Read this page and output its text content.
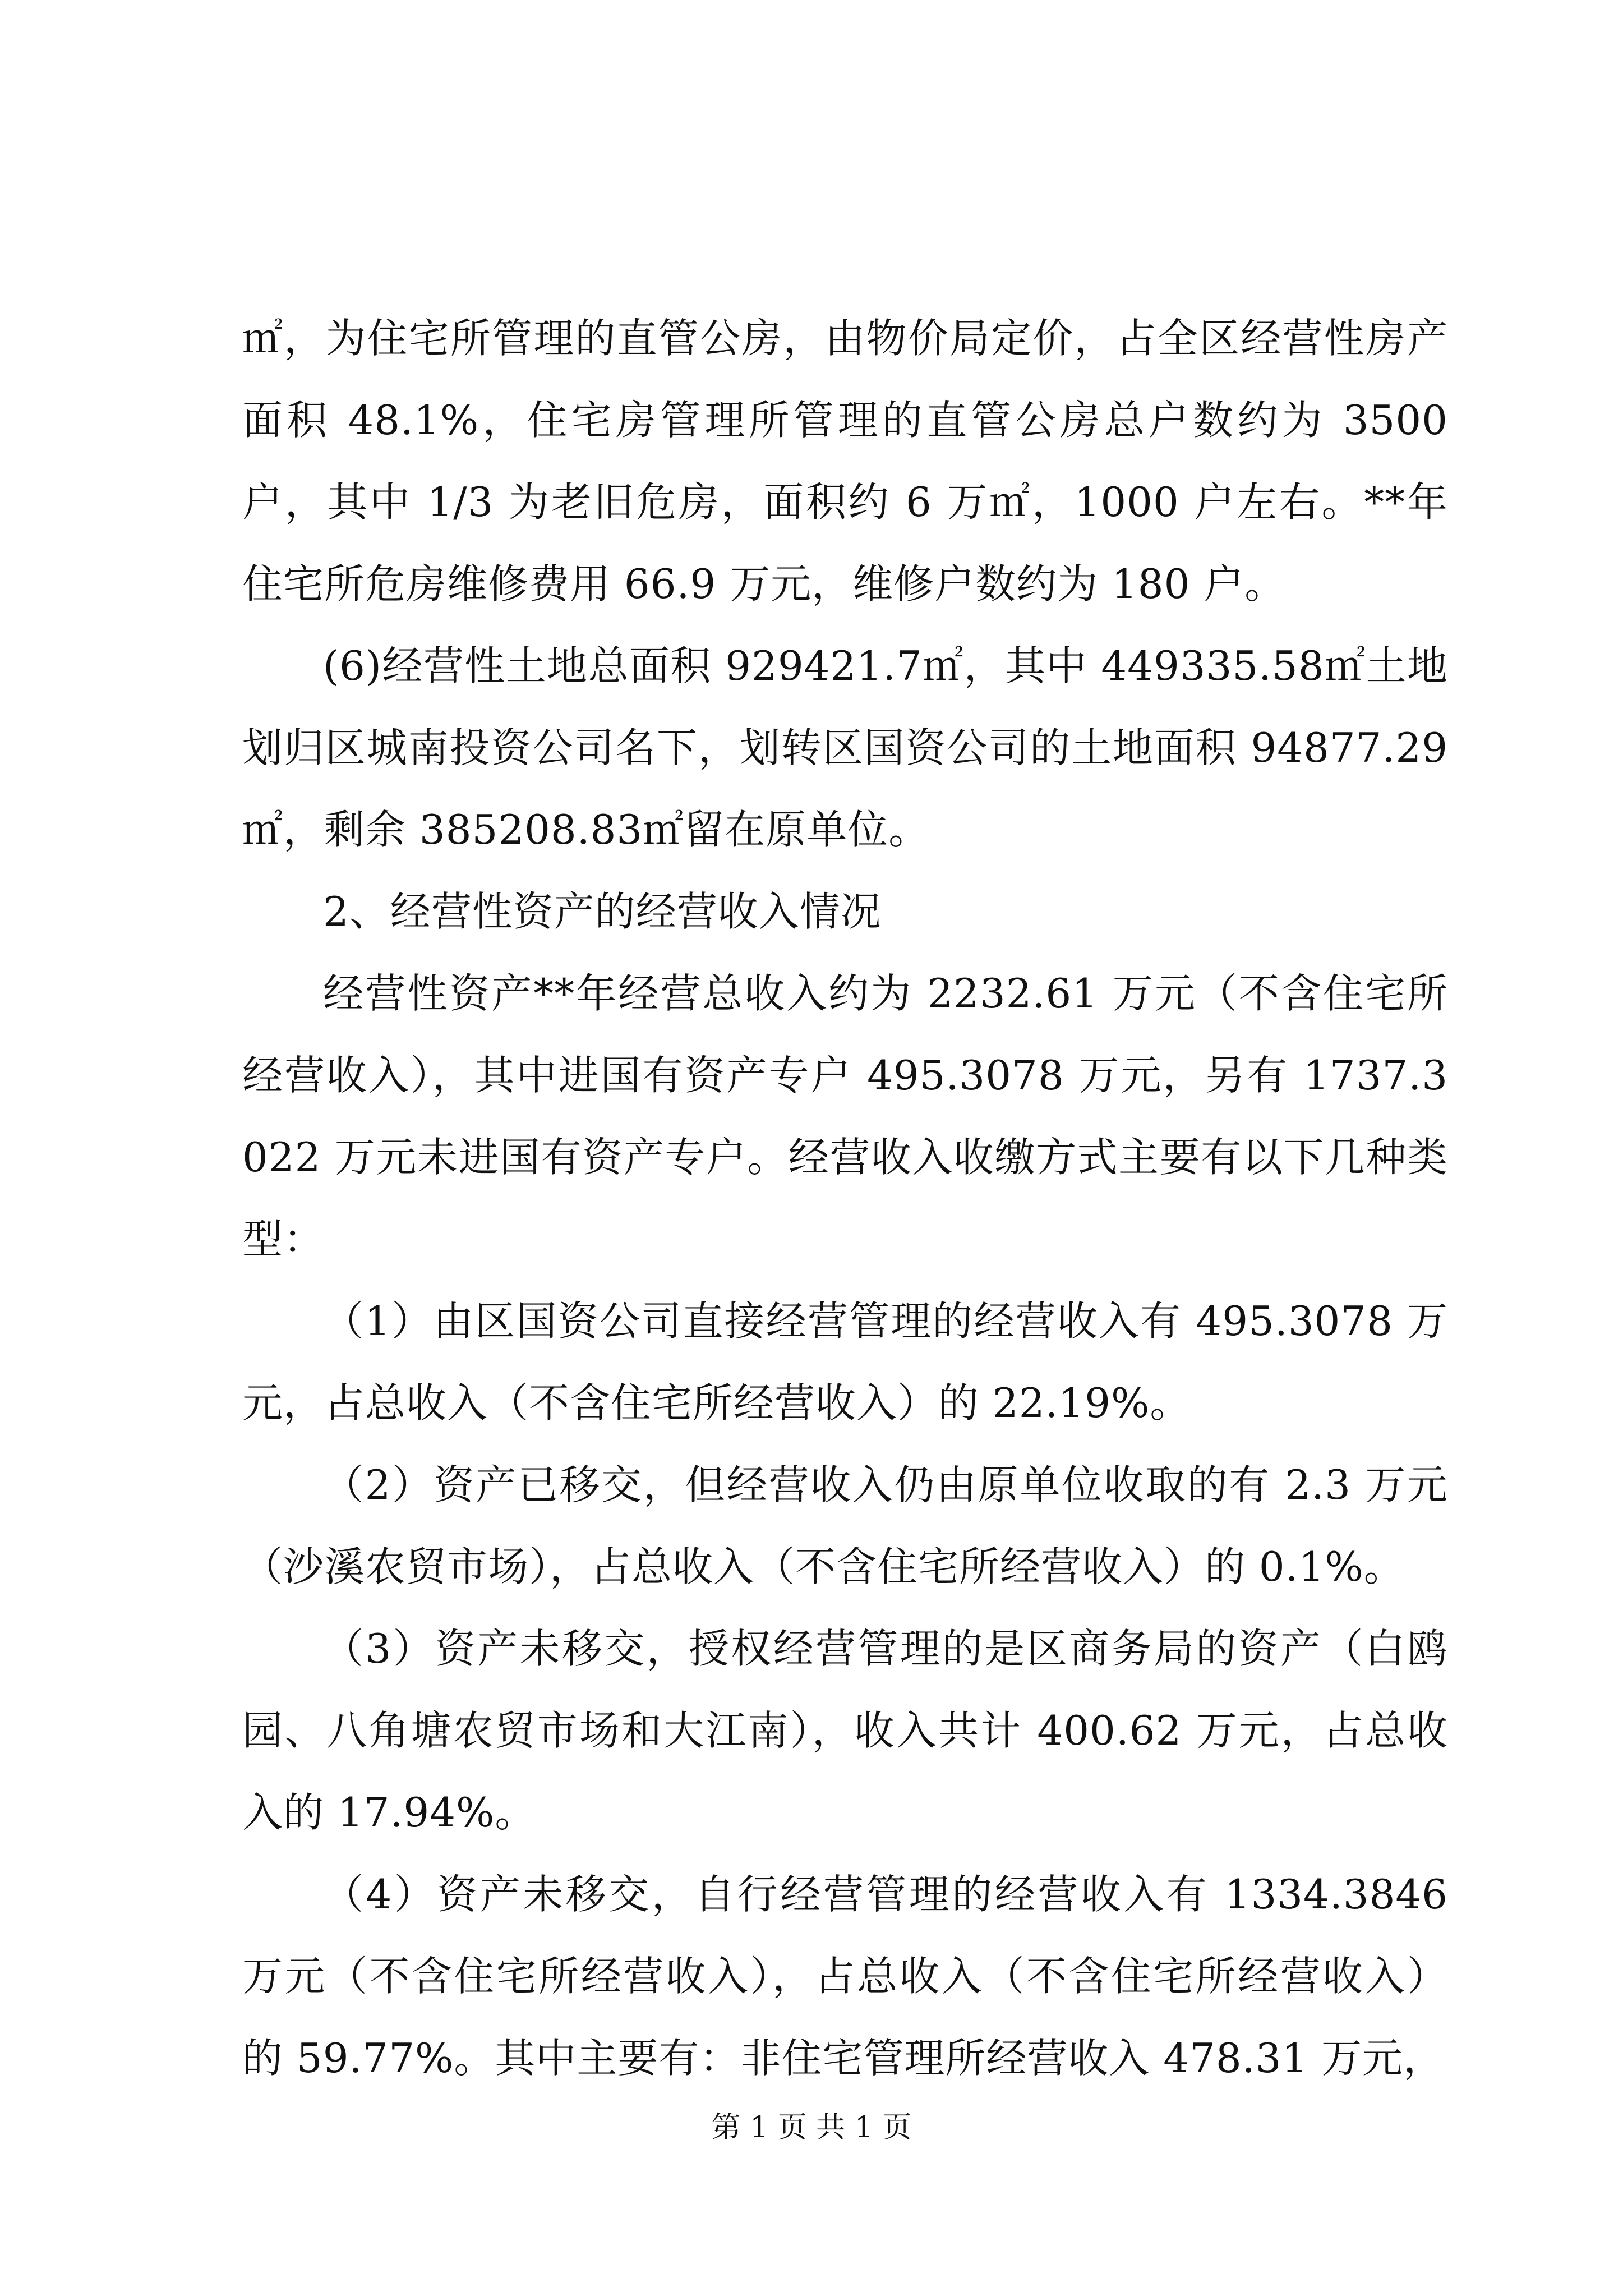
㎡，为住宅所管理的直管公房，由物价局定价，占全区经营性房产面积 48.1%，住宅房管理所管理的直管公房总户数约为 3500 户，其中 1/3 为老旧危房，面积约 6 万㎡，1000 户左右。**年住宅所危房维修费用 66.9 万元，维修户数约为 180 户。

(6)经营性土地总面积 929421.7㎡，其中 449335.58㎡土地划归区城南投资公司名下，划转区国资公司的土地面积 94877.29㎡，剩余 385208.83㎡留在原单位。

2、经营性资产的经营收入情况

经营性资产**年经营总收入约为 2232.61 万元（不含住宅所经营收入），其中进国有资产专户 495.3078 万元，另有 1737.3022 万元未进国有资产专户。经营收入收缴方式主要有以下几种类型：

（1）由区国资公司直接经营管理的经营收入有 495.3078 万元，占总收入（不含住宅所经营收入）的 22.19%。

（2）资产已移交，但经营收入仍由原单位收取的有 2.3 万元（沙溪农贸市场），占总收入（不含住宅所经营收入）的 0.1%。

（3）资产未移交，授权经营管理的是区商务局的资产（白鸥园、八角塘农贸市场和大江南），收入共计 400.62 万元，占总收入的 17.94%。

（4）资产未移交，自行经营管理的经营收入有 1334.3846 万元（不含住宅所经营收入），占总收入（不含住宅所经营收入）的 59.77%。其中主要有：非住宅管理所经营收入 478.31 万元，

第 1 页 共 1 页
